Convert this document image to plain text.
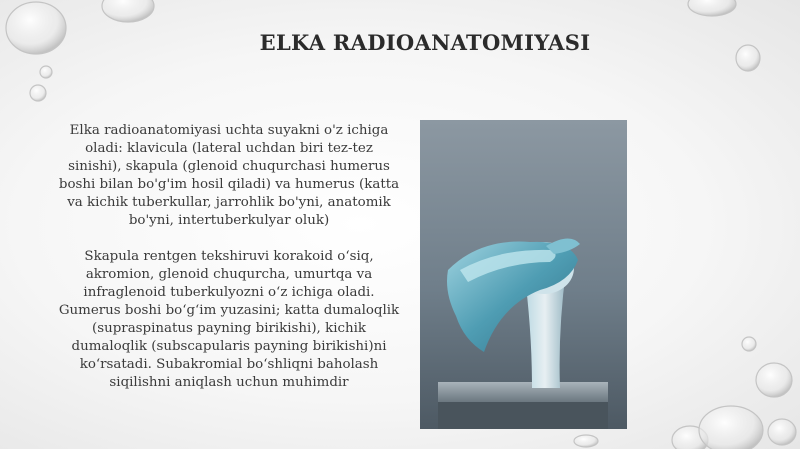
ELKA RADIOANATOMIYASI

Elka radioanatomiyasi uchta suyakni o'z ichiga oladi: klavicula (lateral uchdan biri tez-tez sinishi), skapula (glenoid chuqurchasi humerus boshi bilan bo'g'im hosil qiladi) va humerus (katta va kichik tuberkullar, jarrohlik bo'yni, anatomik bo'yni, intertuberkulyar oluk)

Skapula rentgen tekshiruvi korakoid o‘siq, akromion, glenoid chuqurcha, umurtqa va infraglenoid tuberkulyozni o‘z ichiga oladi. Gumerus boshi bo‘g‘im yuzasini; katta dumaloqlik (supraspinatus payning birikishi), kichik dumaloqlik (subscapularis payning birikishi)ni ko‘rsatadi. Subakromial bo‘shliqni baholash siqilishni aniqlash uchun muhimdir
